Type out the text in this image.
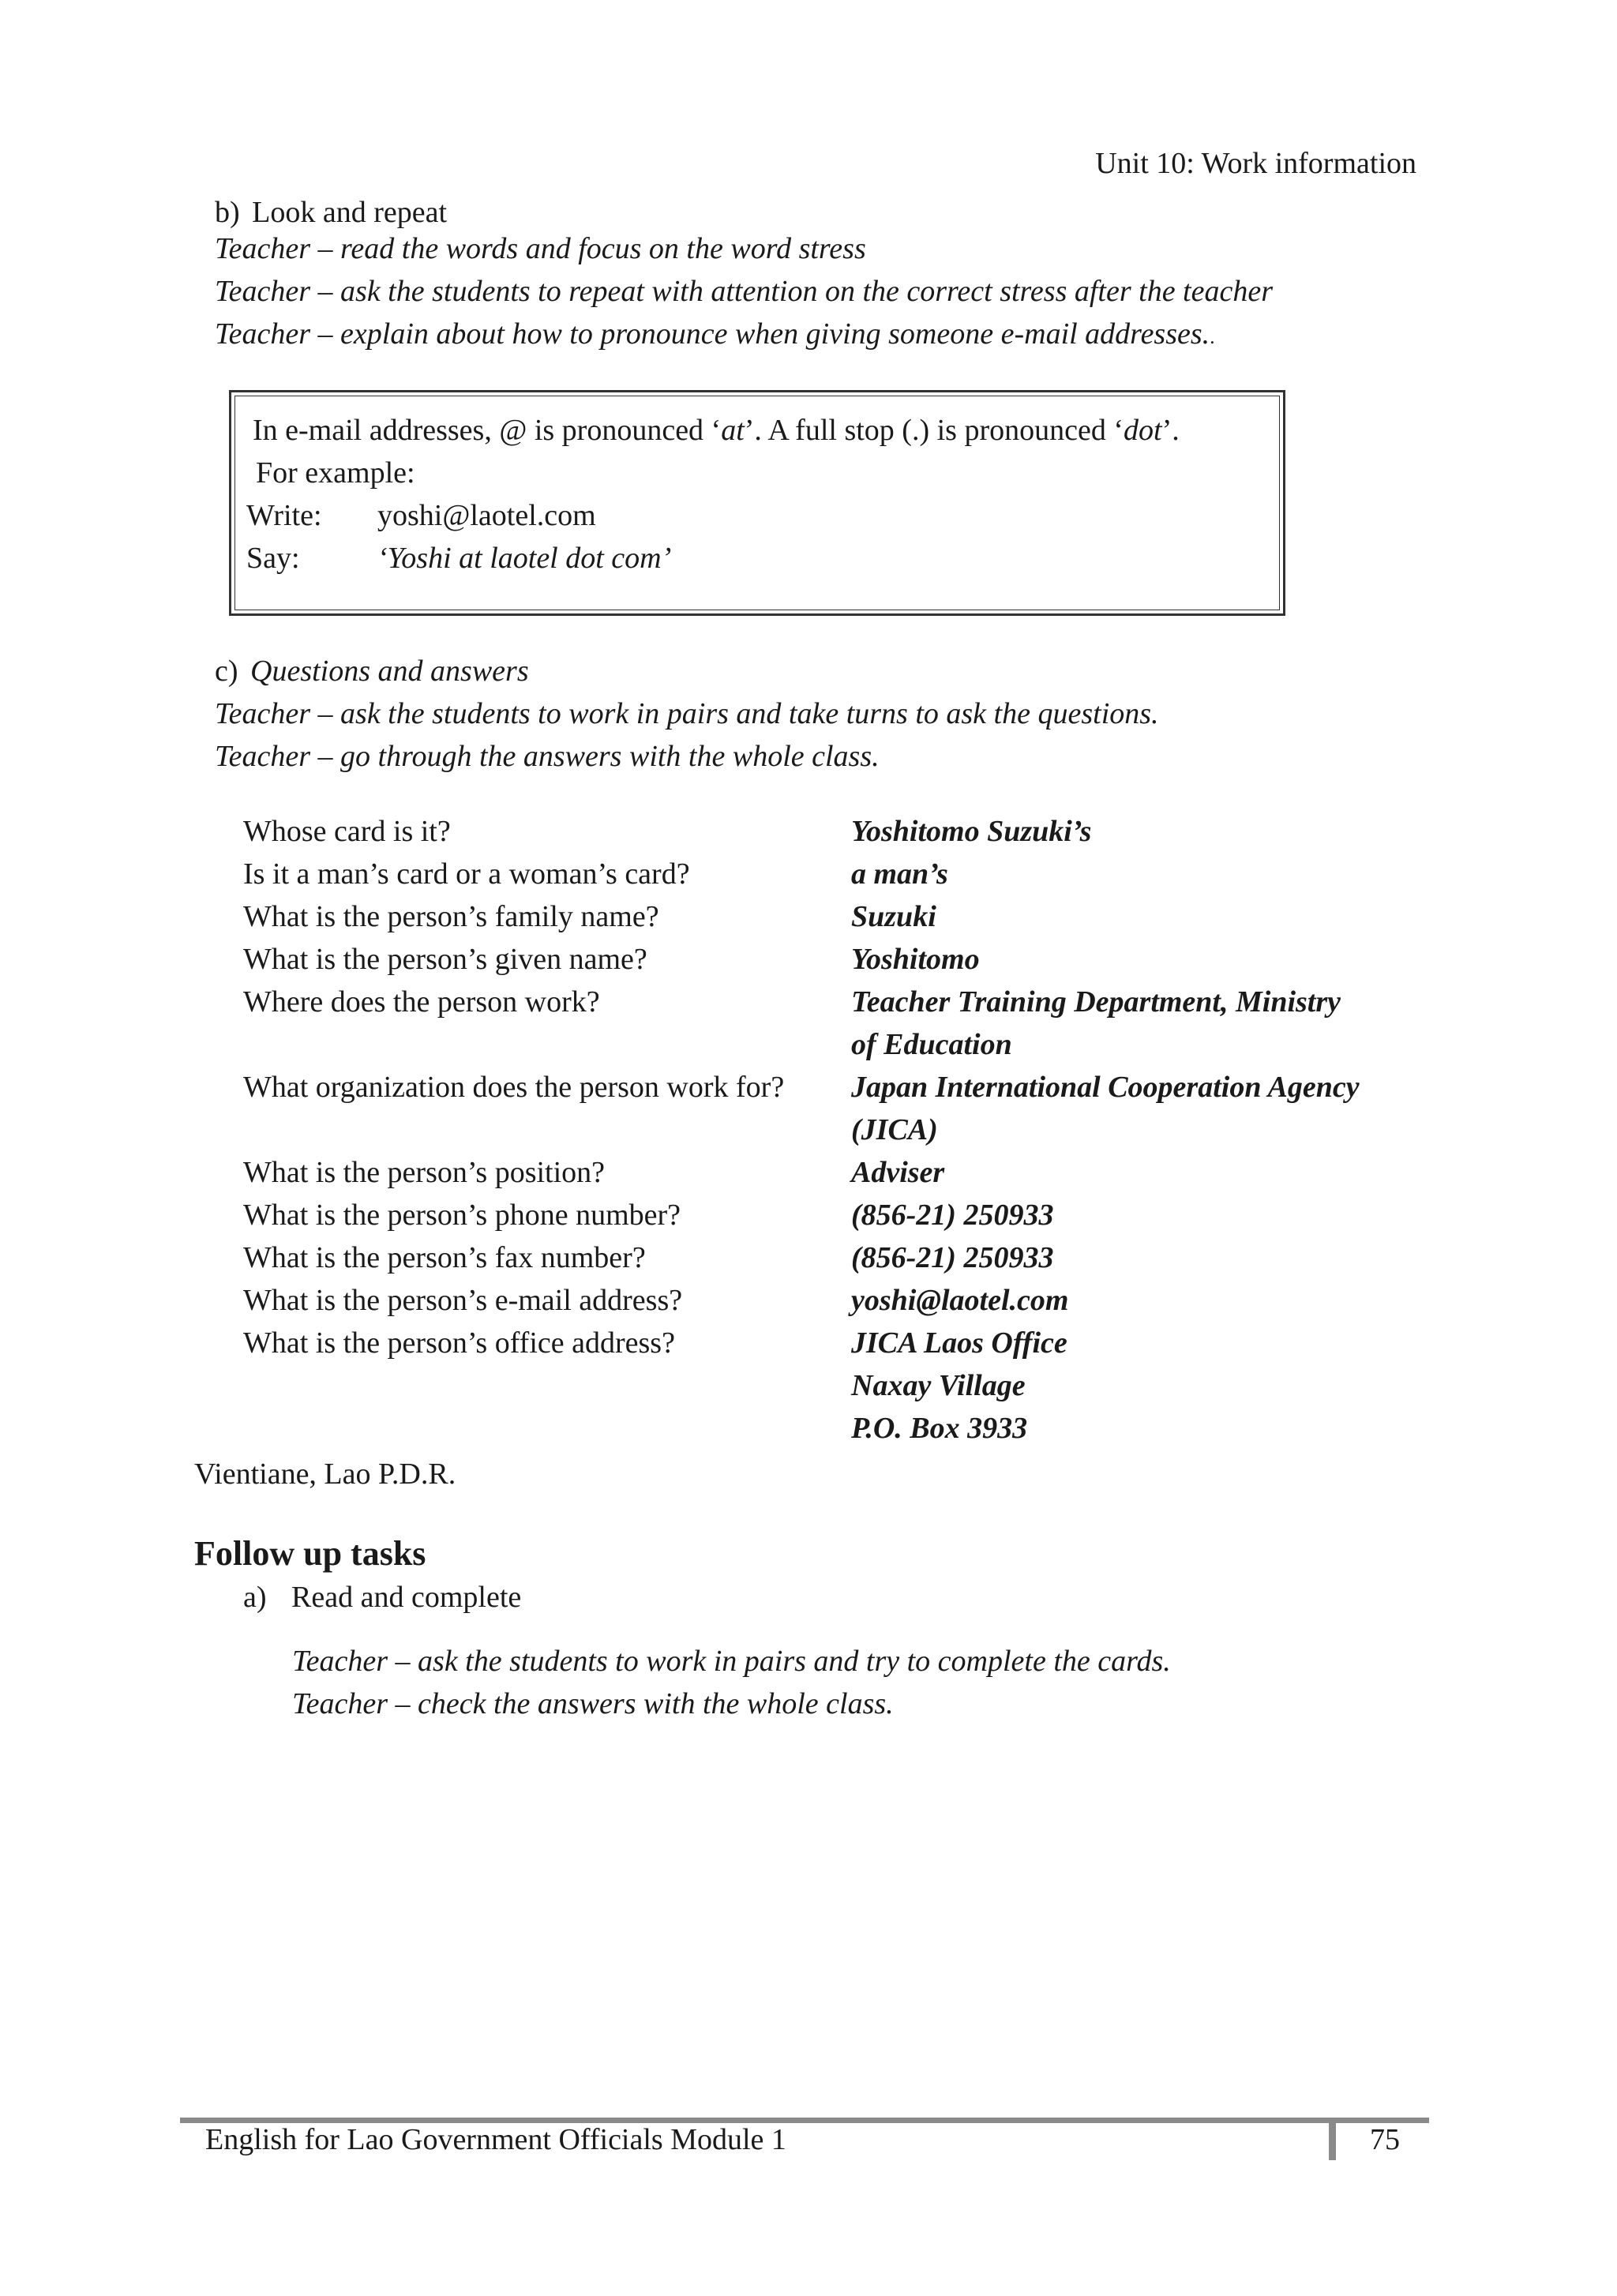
Unit 10: Work information
b) Look and repeat
Teacher – read the words and focus on the word stress
Teacher – ask the students to repeat with attention on the correct stress after the teacher
Teacher – explain about how to pronounce when giving someone e-mail addresses..
In e-mail addresses, @ is pronounced ‘at’. A full stop (.) is pronounced ‘dot’.
For example:
Write: yoshi@laotel.com
Say:	‘Yoshi at laotel dot com’
c) Questions and answers
Teacher – ask the students to work in pairs and take turns to ask the questions.
Teacher – go through the answers with the whole class.
Whose card is it?	Yoshitomo Suzuki’s
Is it a man’s card or a woman’s card?	a man’s
What is the person’s family name?	Suzuki
What is the person’s given name?	Yoshitomo
Where does the person work?	Teacher Training Department, Ministry
of Education
What organization does the person work for? Japan International Cooperation Agency
(JICA)
What is the person’s position?	Adviser
What is the person’s phone number?	(856-21) 250933
What is the person’s fax number?	(856-21) 250933
What is the person’s e-mail address?	yoshi@laotel.com
What is the person’s office address?	JICA Laos Office
Naxay Village
P.O. Box 3933
Vientiane, Lao P.D.R.
Follow up tasks
a) Read and complete
Teacher – ask the students to work in pairs and try to complete the cards.
Teacher – check the answers with the whole class.
English for Lao Government Officials Module 1	75
